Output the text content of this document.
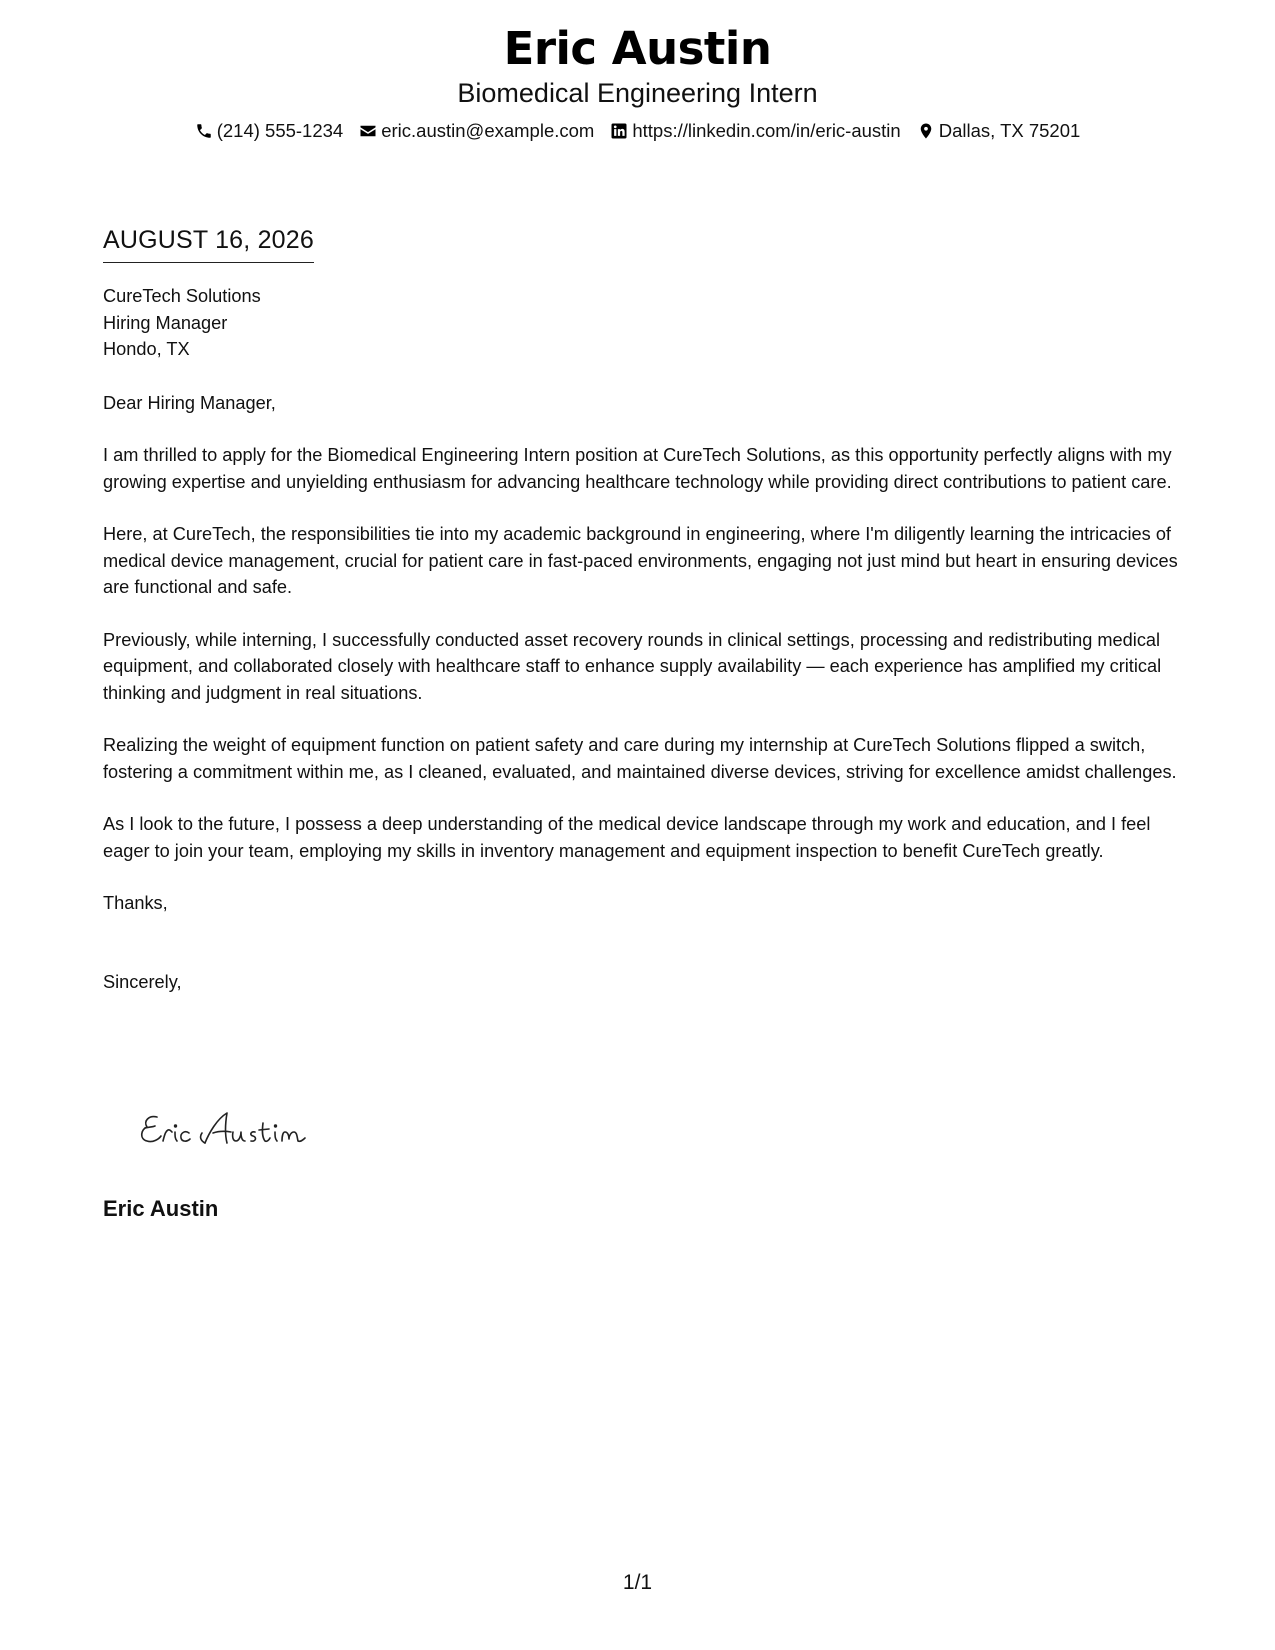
Eric Austin
Biomedical Engineering Intern
(214) 555-1234 eric.austin@example.com https://linkedin.com/in/eric-austin Dallas, TX 75201
AUGUST 16, 2026
CureTech Solutions
Hiring Manager
Hondo, TX

Dear Hiring Manager,

I am thrilled to apply for the Biomedical Engineering Intern position at CureTech Solutions, as this opportunity perfectly aligns with my growing expertise and unyielding enthusiasm for advancing healthcare technology while providing direct contributions to patient care.

Here, at CureTech, the responsibilities tie into my academic background in engineering, where I'm diligently learning the intricacies of medical device management, crucial for patient care in fast-paced environments, engaging not just mind but heart in ensuring devices are functional and safe.

Previously, while interning, I successfully conducted asset recovery rounds in clinical settings, processing and redistributing medical equipment, and collaborated closely with healthcare staff to enhance supply availability — each experience has amplified my critical thinking and judgment in real situations.

Realizing the weight of equipment function on patient safety and care during my internship at CureTech Solutions flipped a switch, fostering a commitment within me, as I cleaned, evaluated, and maintained diverse devices, striving for excellence amidst challenges.

As I look to the future, I possess a deep understanding of the medical device landscape through my work and education, and I feel eager to join your team, employing my skills in inventory management and equipment inspection to benefit CureTech greatly.

Thanks,

Sincerely,

Eric Austin
1/1
